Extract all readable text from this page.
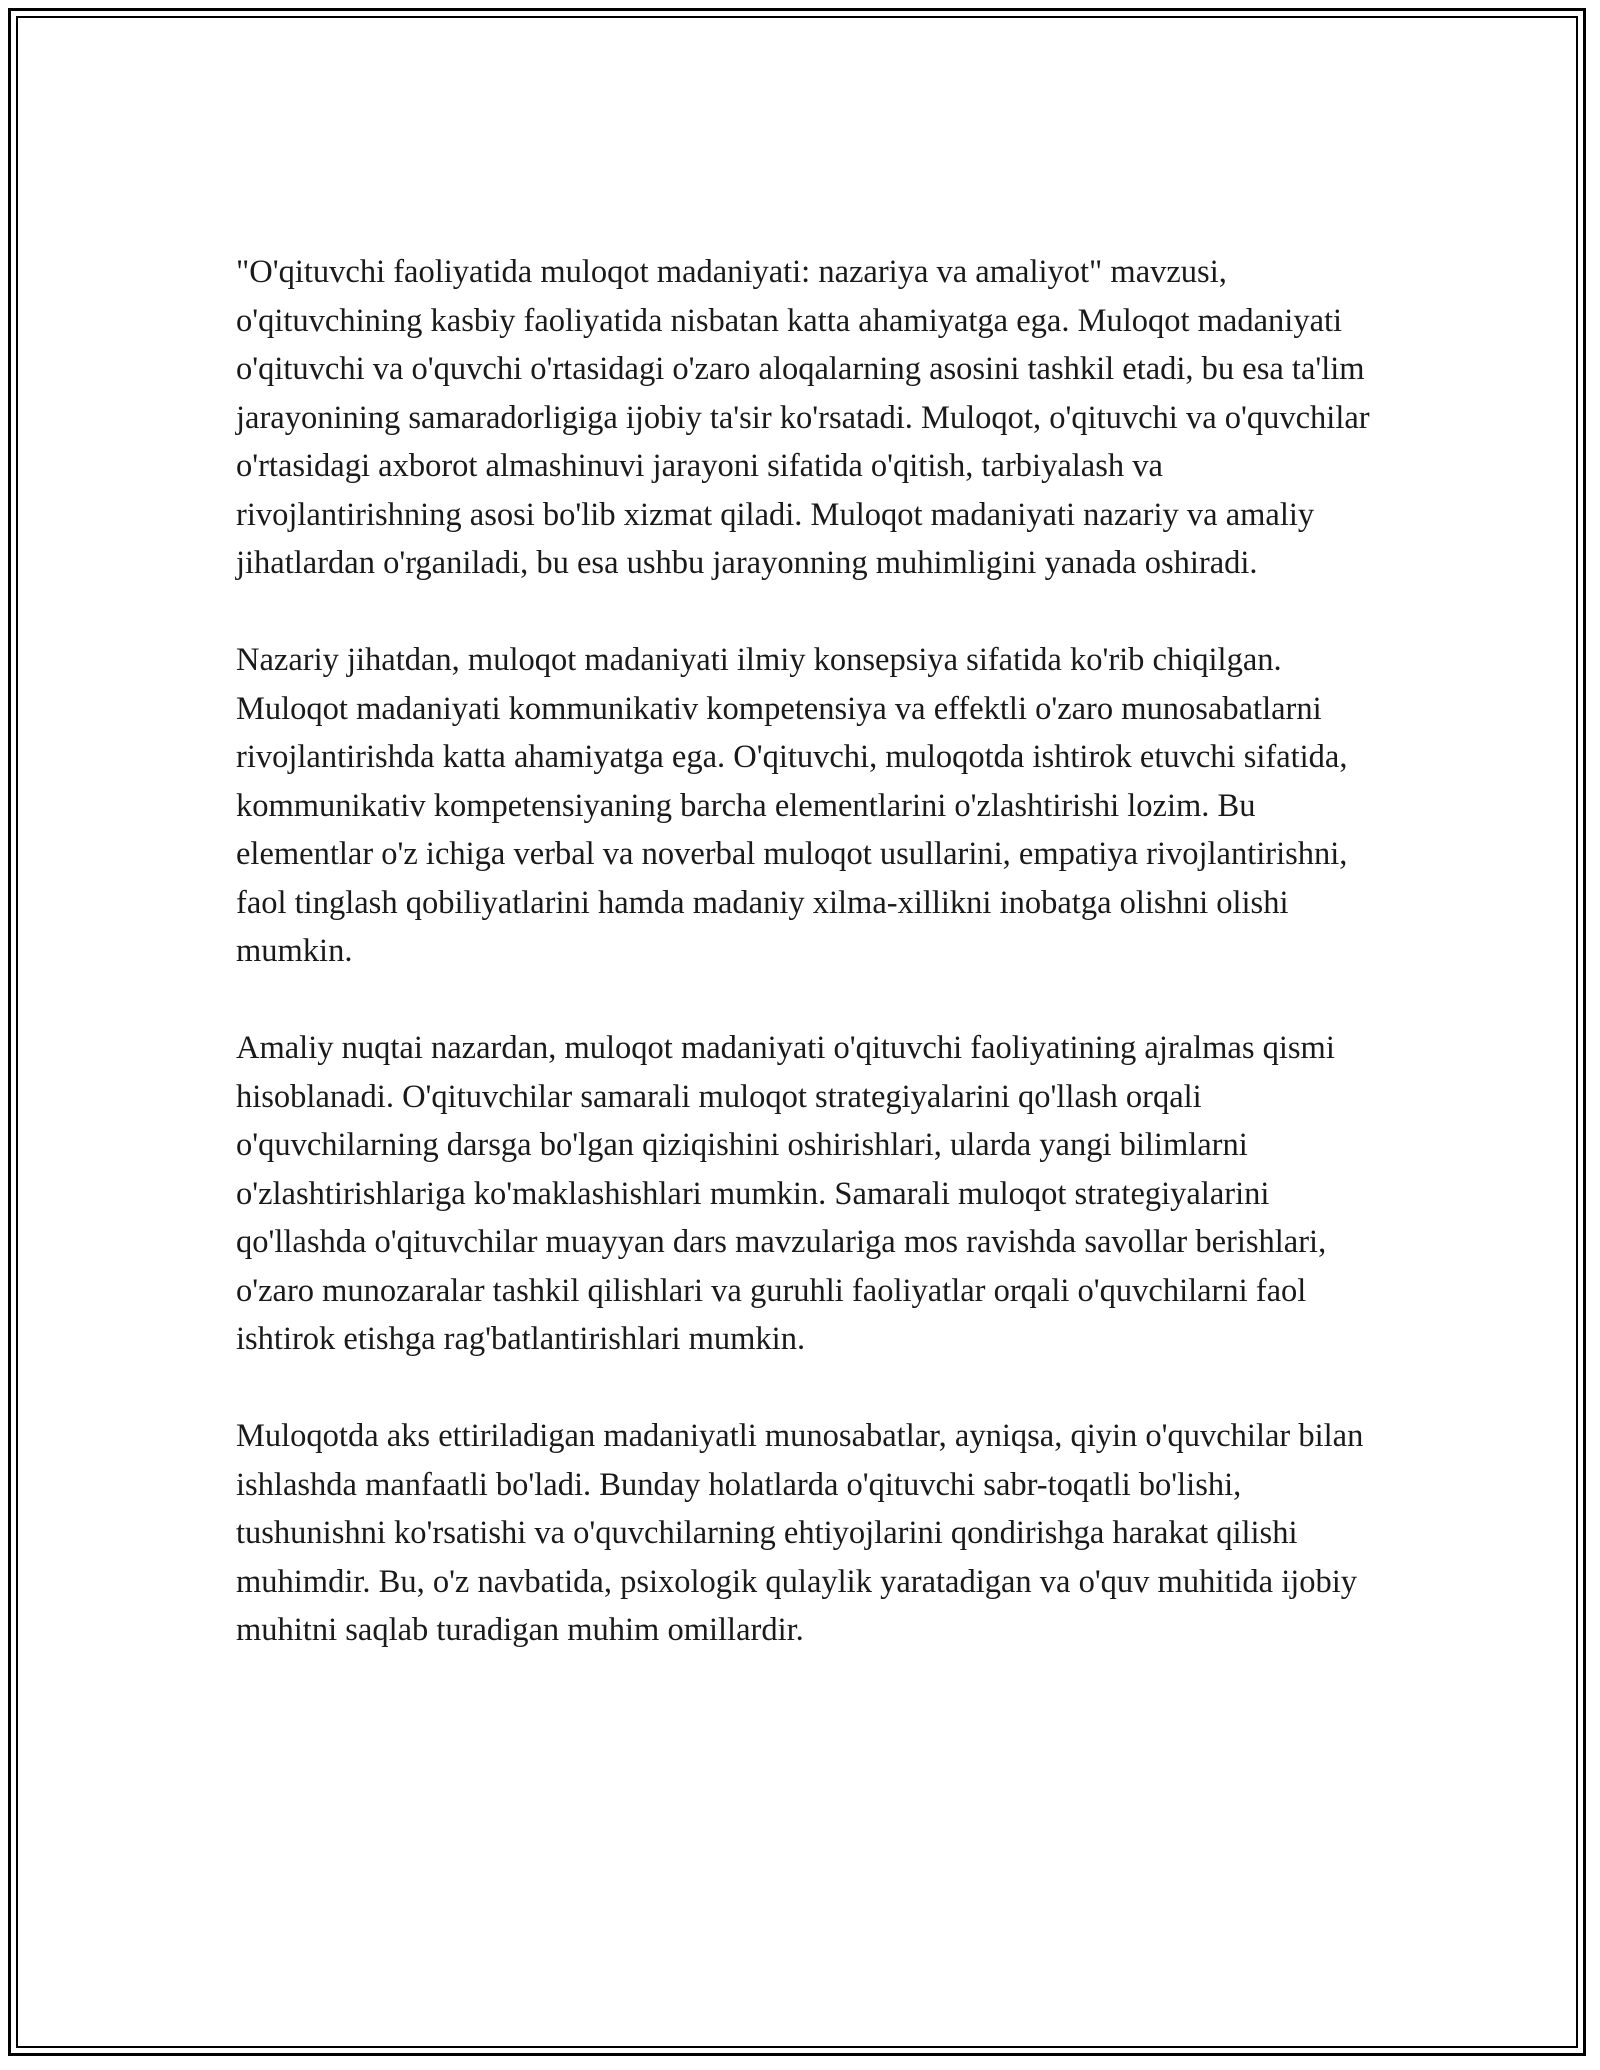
"O'qituvchi faoliyatida muloqot madaniyati: nazariya va amaliyot" mavzusi, o'qituvchining kasbiy faoliyatida nisbatan katta ahamiyatga ega. Muloqot madaniyati o'qituvchi va o'quvchi o'rtasidagi o'zaro aloqalarning asosini tashkil etadi, bu esa ta'lim jarayonining samaradorligiga ijobiy ta'sir ko'rsatadi. Muloqot, o'qituvchi va o'quvchilar o'rtasidagi axborot almashinuvi jarayoni sifatida o'qitish, tarbiyalash va rivojlantirishning asosi bo'lib xizmat qiladi. Muloqot madaniyati nazariy va amaliy jihatlardan o'rganiladi, bu esa ushbu jarayonning muhimligini yanada oshiradi.

Nazariy jihatdan, muloqot madaniyati ilmiy konsepsiya sifatida ko'rib chiqilgan. Muloqot madaniyati kommunikativ kompetensiya va effektli o'zaro munosabatlarni rivojlantirishda katta ahamiyatga ega. O'qituvchi, muloqotda ishtirok etuvchi sifatida, kommunikativ kompetensiyaning barcha elementlarini o'zlashtirishi lozim. Bu elementlar o'z ichiga verbal va noverbal muloqot usullarini, empatiya rivojlantirishni, faol tinglash qobiliyatlarini hamda madaniy xilma-xillikni inobatga olishni olishi mumkin.

Amaliy nuqtai nazardan, muloqot madaniyati o'qituvchi faoliyatining ajralmas qismi hisoblanadi. O'qituvchilar samarali muloqot strategiyalarini qo'llash orqali o'quvchilarning darsga bo'lgan qiziqishini oshirishlari, ularda yangi bilimlarni o'zlashtirishlariga ko'maklashishlari mumkin. Samarali muloqot strategiyalarini qo'llashda o'qituvchilar muayyan dars mavzulariga mos ravishda savollar berishlari, o'zaro munozaralar tashkil qilishlari va guruhli faoliyatlar orqali o'quvchilarni faol ishtirok etishga rag'batlantirishlari mumkin.

Muloqotda aks ettiriladigan madaniyatli munosabatlar, ayniqsa, qiyin o'quvchilar bilan ishlashda manfaatli bo'ladi. Bunday holatlarda o'qituvchi sabr-toqatli bo'lishi, tushunishni ko'rsatishi va o'quvchilarning ehtiyojlarini qondirishga harakat qilishi muhimdir. Bu, o'z navbatida, psixologik qulaylik yaratadigan va o'quv muhitida ijobiy muhitni saqlab turadigan muhim omillardir.
